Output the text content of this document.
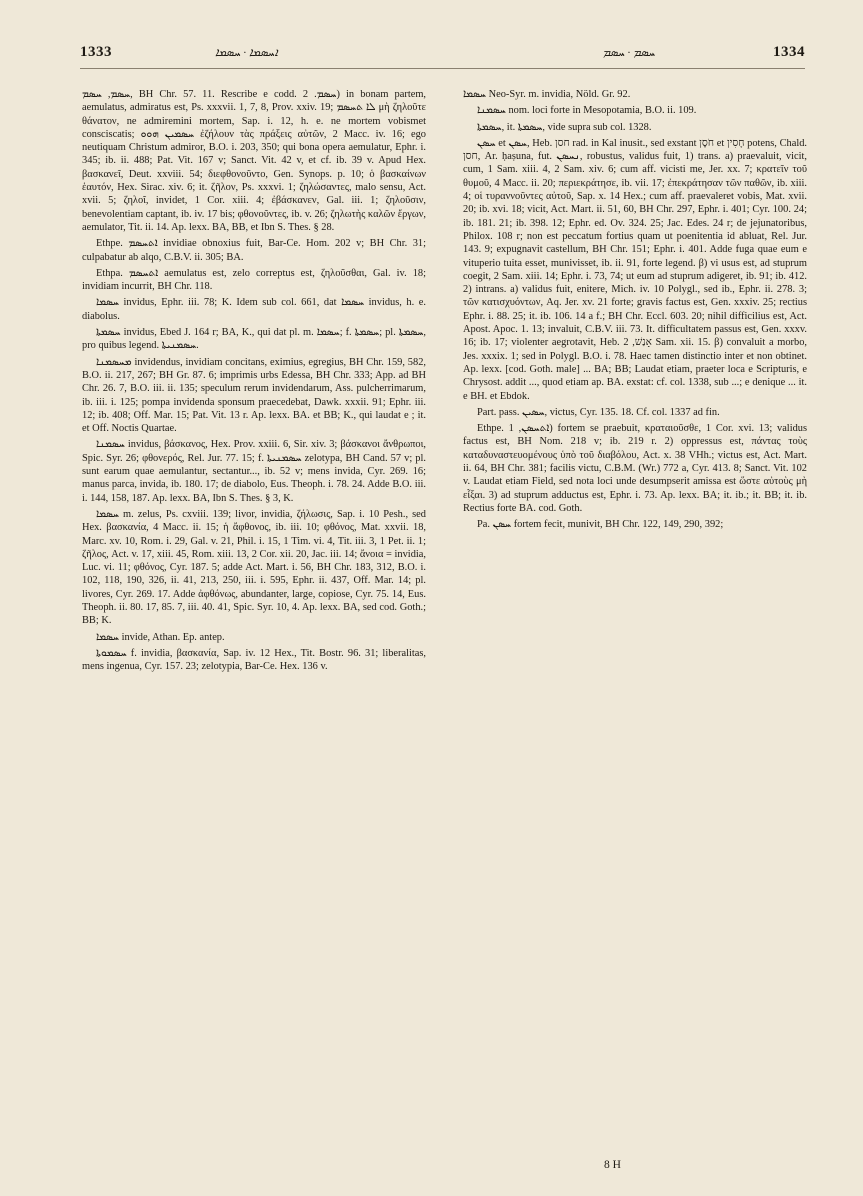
1333	ܐܚܣܡܐ · ܚܣܡܐ	ܚܣܡ · ܚܣܡ	1334

ܚܣܡ, ܚܣܡ, BH Chr. 57. 11. Rescribe e codd. ܚܣܡ. 2) in bonam partem, aemulatus, admiratus est, Ps. xxxvii. 1, 7, 8, Prov. xxiv. 19; ܠܐ ܬܚܣܡ μὴ ζηλοῦτε θάνατον, ne admiremini mortem, Sap. i. 12, h. e. ne mortem vobismet consciscatis; ܚܣܡܝܢ ܗܘܘ ἐζήλουν τὰς πράξεις αὐτῶν, 2 Macc. iv. 16; ego neutiquam Christum admiror, B.O. i. 203, 350; qui bona opera aemulatur, Ephr. i. 345; ib. ii. 488; Pat. Vit. 167 v; Sanct. Vit. 42 v, et cf. ib. 39 v. Apud Hex. βασκανεῖ, Deut. xxviii. 54; διεφθονοῦντο, Gen. Synops. p. 10; ὁ βασκαίνων ἑαυτόν, Hex. Sirac. xiv. 6; it. ζῆλον, Ps. xxxvi. 1; ζηλώσαντες, malo sensu, Act. xvii. 5; ζηλοῖ, invidet, 1 Cor. xiii. 4; ἐβάσκανεν, Gal. iii. 1; ζηλοῦσιν, benevolentiam captant, ib. iv. 17 bis; φθονοῦντες, ib. v. 26; ζηλωτὴς καλῶν ἔργων, aemulator, Tit. ii. 14. Ap. lexx. BA, BB, et Ibn S. Thes. § 28.

Ethpe. ܐܬܚܣܡ invidiae obnoxius fuit, Bar-Ce. Hom. 202 v; BH Chr. 31; culpabatur ab alqo, C.B.V. ii. 305; BA.

Ethpa. ܐܬܚܣܡ aemulatus est, zelo correptus est, ζηλοῦσθαι, Gal. iv. 18; invidiam incurrit, BH Chr. 118.

ܚܣܡܐ invidus, Ephr. iii. 78; K. Idem sub col. 661, dat ܚܣܡܐ invidus, h. e. diabolus.

ܚܣܡܬܐ invidus, Ebed J. 164 r; BA, K., qui dat pl. m. ܚܣܡܐ; f. ܚܣܡܬܐ; pl. ܚܣܡܬܐ, pro quibus legend. ܚܣܡܢܝܬܐ.

ܡܚܣܡܢܐ invidendus, invidiam concitans, eximius, egregius, BH Chr. 159, 582, B.O. ii. 217, 267; BH Gr. 87. 6; imprimis urbs Edessa, BH Chr. 333; App. ad BH Chr. 26. 7, B.O. iii. ii. 135; speculum rerum invidendarum, Ass. pulcherrimarum, ib. iii. i. 125; pompa invidenda sponsum praecedebat, Dawk. xxxii. 91; Ephr. iii. 12; ib. 408; Off. Mar. 15; Pat. Vit. 13 r. Ap. lexx. BA. et BB; K., qui laudat e ; it. et Off. Noctis Quartae.

ܚܣܡܢܐ invidus, βάσκανος, Hex. Prov. xxiii. 6, Sir. xiv. 3; βάσκανοι ἄνθρωποι, Spic. Syr. 26; φθονερός, Rel. Jur. 77. 15; f. ܚܣܡܢܝܬܐ zelotypa, BH Cand. 57 v; pl. sunt earum quae aemulantur, sectantur..., ib. 52 v; mens invida, Cyr. 269. 16; manus parca, invida, ib. 180. 17; de diabolo, Eus. Theoph. i. 78. 24. Adde B.O. iii. i. 144, 158, 187. Ap. lexx. BA, Ibn S. Thes. § 3, K.

ܚܣܡܐ m. zelus, Ps. cxviii. 139; livor, invidia, ζήλωσις, Sap. i. 10 Pesh., sed Hex. βασκανία, 4 Macc. ii. 15; ἡ ἄφθονος, ib. iii. 10; φθόνος, Mat. xxvii. 18, Marc. xv. 10, Rom. i. 29, Gal. v. 21, Phil. i. 15, 1 Tim. vi. 4, Tit. iii. 3, 1 Pet. ii. 1; ζῆλος, Act. v. 17, xiii. 45, Rom. xiii. 13, 2 Cor. xii. 20, Jac. iii. 14; ἄνοια = invidia, Luc. vi. 11; φθόνος, Cyr. 187. 5; adde Act. Mart. i. 56, BH Chr. 183, 312, B.O. i. 102, 118, 190, 326, ii. 41, 213, 250, iii. i. 595, Ephr. ii. 437, Off. Mar. 14; pl. livores, Cyr. 269. 17. Adde ἀφθόνως, abundanter, large, copiose, Cyr. 75. 14, Eus. Theoph. ii. 80. 17, 85. 7, iii. 40. 41, Spic. Syr. 10, 4. Ap. lexx. BA, sed cod. Goth.; BB; K.

ܚܣܡܐ invide, Athan. Ep. antep.

ܚܣܡܘܬܐ f. invidia, βασκανία, Sap. iv. 12 Hex., Tit. Bostr. 96. 31; liberalitas, mens ingenua, Cyr. 157. 23; zelotypia, Bar-Ce. Hex. 136 v.

ܚܣܡܐ Neo-Syr. m. invidia, Nöld. Gr. 92.

ܚܣܡܢܐ nom. loci forte in Mesopotamia, B.O. ii. 109.

ܚܣܡܬܐ, it. ܚܣܡܬܐ, vide supra sub col. 1328.

ܚܣܢ et ܚܣܢ, Heb. חסן rad. in Kal inusit., sed exstant חֹסֶן et חָסִין potens, Chald. חסן, Ar. ḥaṣuna, fut. ܢܚܣܢ, robustus, validus fuit, 1) trans. a) praevaluit, vicit, cum, 1 Sam. xiii. 4, 2 Sam. xiv. 6; cum aff. vicisti me, Jer. xx. 7; κρατεῖν τοῦ θυμοῦ, 4 Macc. ii. 20; περιεκράτησε, ib. vii. 17; ἐπεκράτησαν τῶν παθῶν, ib. xiii. 4; οἱ τυραννοῦντες αὐτοῦ, Sap. x. 14 Hex.; cum aff. praevaleret vobis, Mat. xvii. 20; ib. xvi. 18; vicit, Act. Mart. ii. 51, 60, BH Chr. 297, Ephr. i. 401; Cyr. 100. 24; ib. 181. 21; ib. 398. 12; Ephr. ed. Ov. 324. 25; Jac. Edes. 24 r; de jejunatoribus, Philox. 108 r; non est peccatum fortius quam ut poenitentia id abluat, Rel. Jur. 143. 9; expugnavit castellum, BH Chr. 151; Ephr. i. 401. Adde fuga quae eum e vituperio tuita esset, munivisset, ib. ii. 91, forte legend. β) vi usus est, ad stuprum coegit, 2 Sam. xiii. 14; Ephr. i. 73, 74; ut eum ad stuprum adigeret, ib. 91; ib. 412. 2) intrans. a) validus fuit, enitere, Mich. iv. 10 Polygl., sed ib., Ephr. ii. 278. 3; τῶν κατισχυόντων, Aq. Jer. xv. 21 forte; gravis factus est, Gen. xxxiv. 25; rectius Ephr. i. 88. 25; it. ib. 106. 14 a f.; BH Chr. Eccl. 603. 20; nihil difficilius est, Act. Apost. Apoc. 1. 13; invaluit, C.B.V. iii. 73. It. difficultatem passus est, Gen. xxxv. 16; ib. 17; violenter aegrotavit, Heb. אָנַשׁ, 2 Sam. xii. 15. β) convaluit a morbo, Jes. xxxix. 1; sed in Polygl. B.O. i. 78. Haec tamen distinctio inter et non obtinet. Ap. lexx. [cod. Goth. male] ... BA; BB; Laudat etiam, praeter loca e Scripturis, e Chrysost. addit ..., quod etiam ap. BA. exstat: cf. col. 1338, sub ...; e denique ... it. e BH. et Ebdok.

Part. pass. ܚܣܝܢ, victus, Cyr. 135. 18. Cf. col. 1337 ad fin.

Ethpe. ܐܬܚܣܢ, 1) fortem se praebuit, κραταιοῦσθε, 1 Cor. xvi. 13; validus factus est, BH Nom. 218 v; ib. 219 r. 2) oppressus est, πάντας τοὺς καταδυναστευομένους ὑπὸ τοῦ διαβόλου, Act. x. 38 VHh.; victus est, Act. Mart. ii. 64, BH Chr. 381; facilis victu, C.B.M. (Wr.) 772 a, Cyr. 413. 8; Sanct. Vit. 102 v. Laudat etiam Field, sed nota loci unde desumpserit amissa est ὥστε αὐτοὺς μὴ εἶξαι. 3) ad stuprum adductus est, Ephr. i. 73. Ap. lexx. BA; it. ib.; it. BB; it. ib. Rectius forte BA. cod. Goth.

Pa. ܚܣܢ fortem fecit, munivit, BH Chr. 122, 149, 290, 392;

8 H
